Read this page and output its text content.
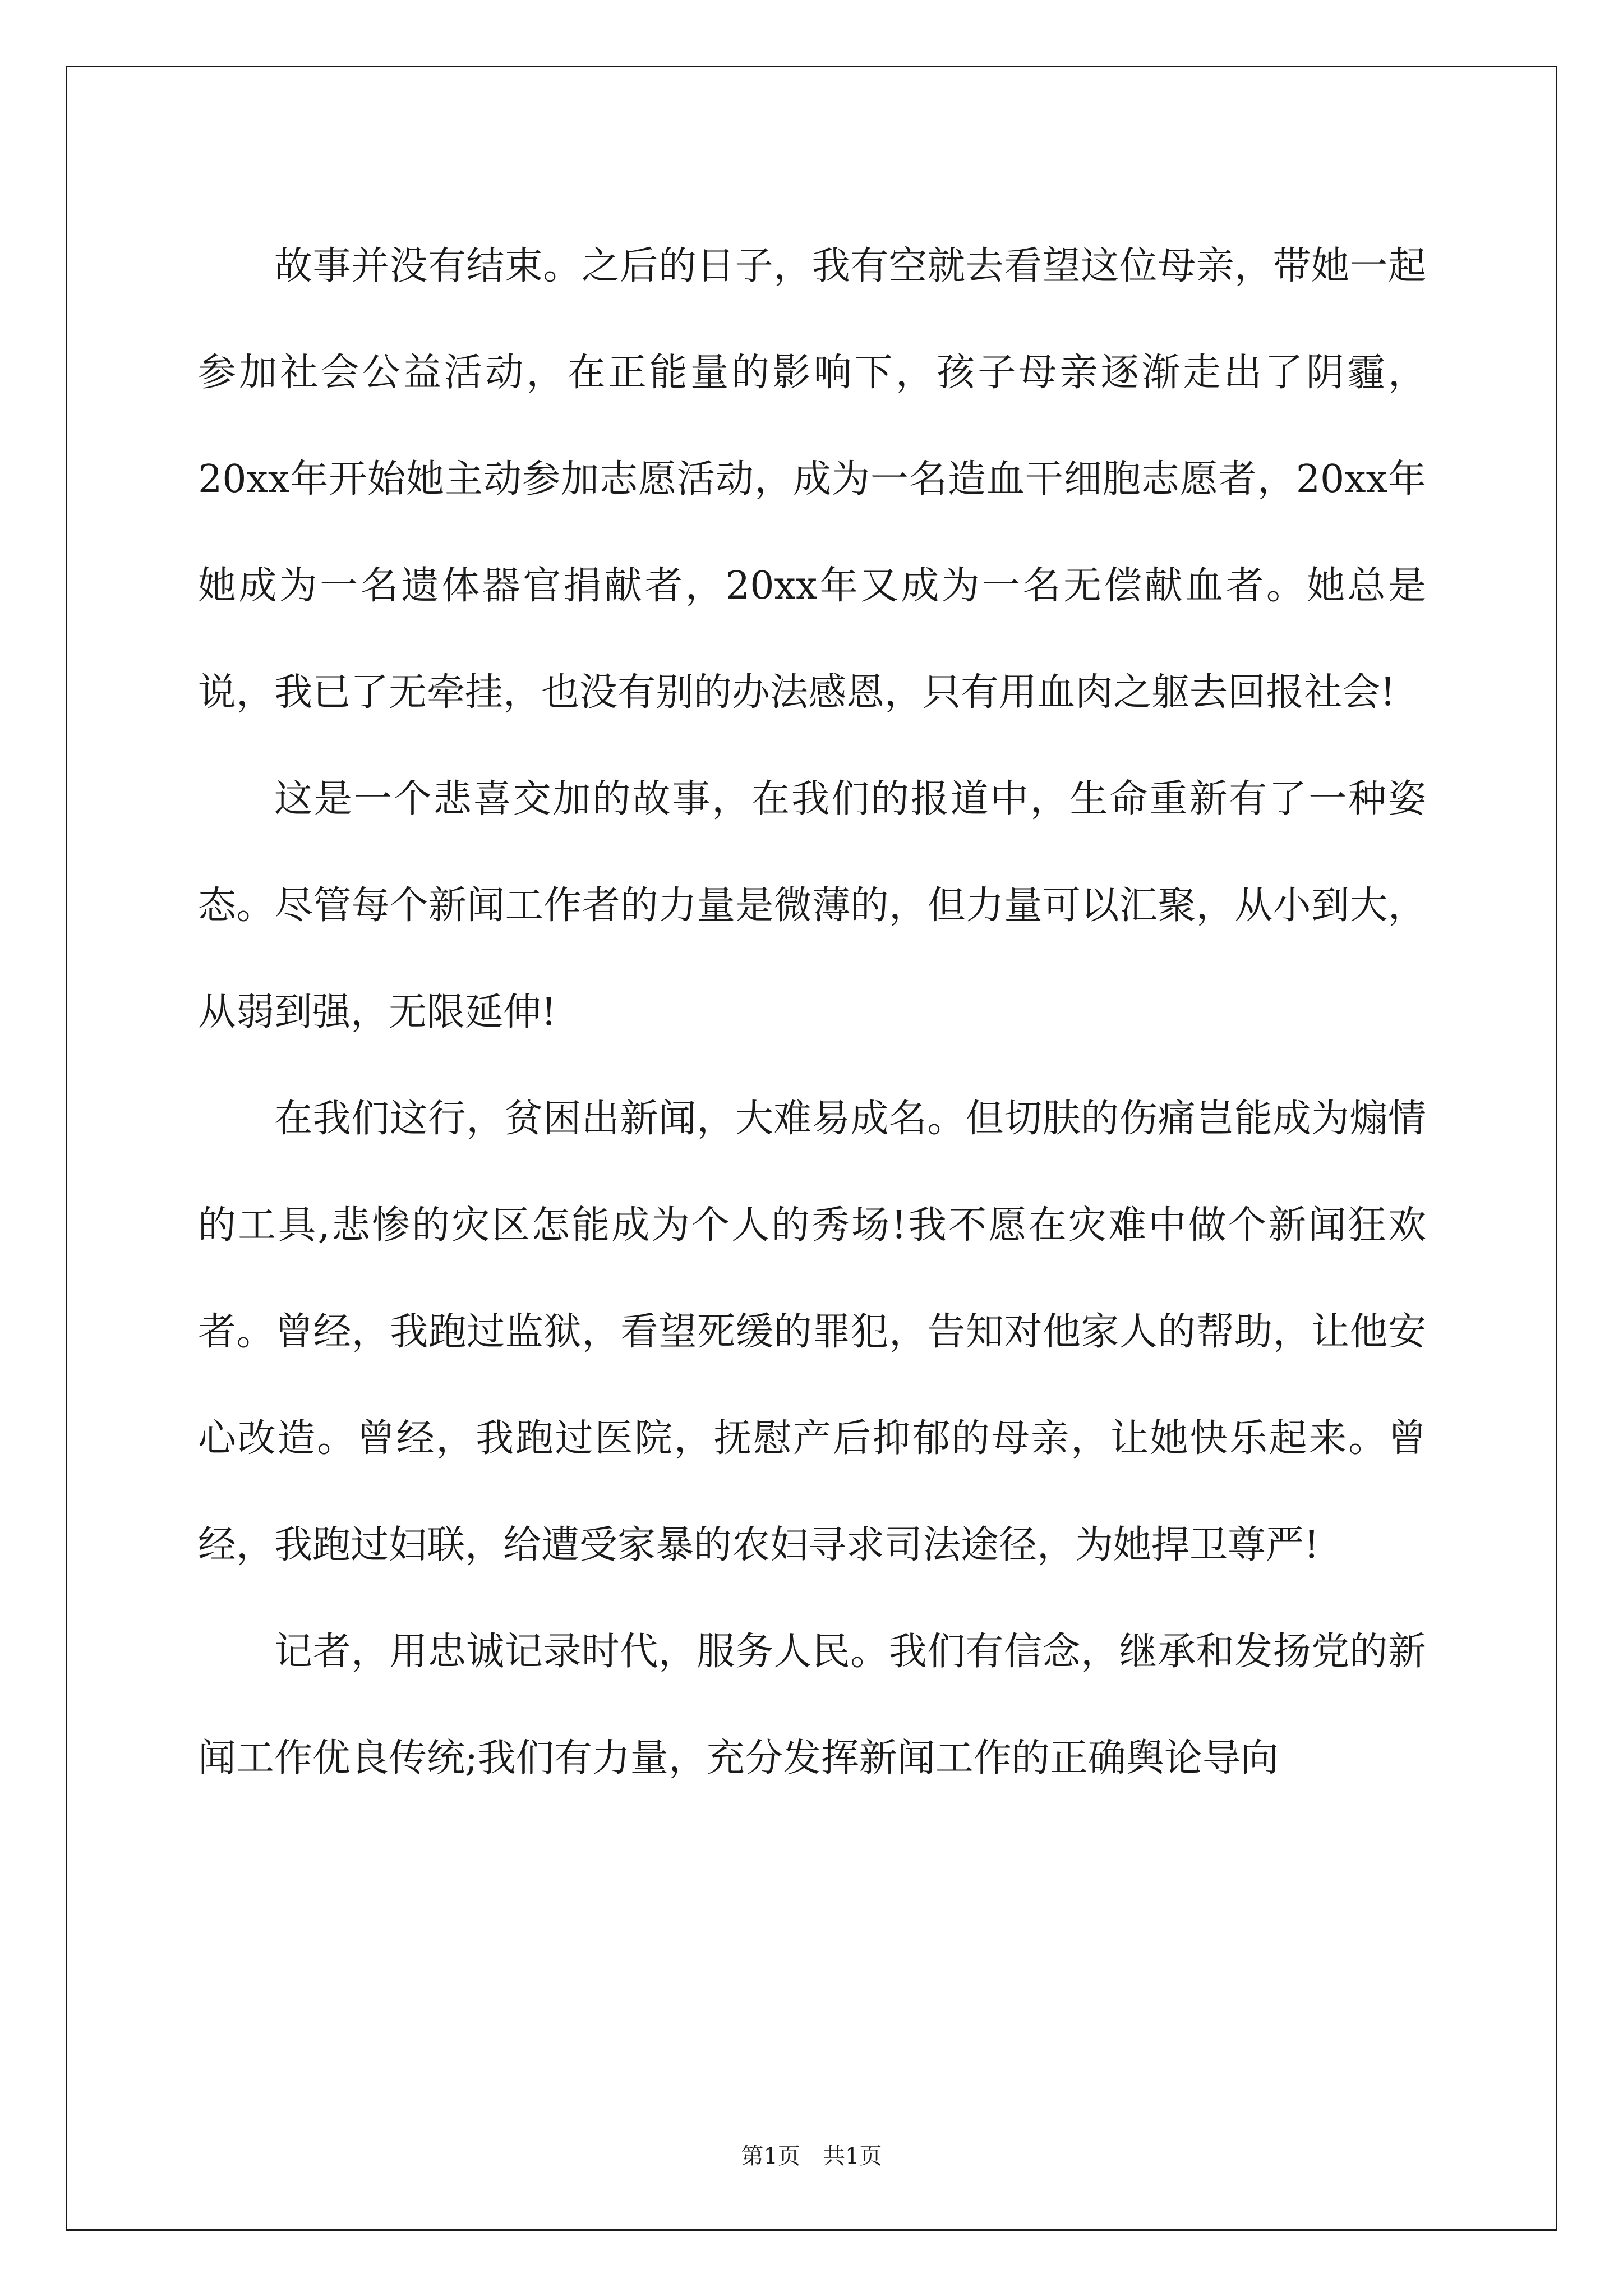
故事并没有结束。之后的日子，我有空就去看望这位母亲，带她一起参加社会公益活动，在正能量的影响下，孩子母亲逐渐走出了阴霾，20xx年开始她主动参加志愿活动，成为一名造血干细胞志愿者，20xx年她成为一名遗体器官捐献者，20xx年又成为一名无偿献血者。她总是说，我已了无牵挂，也没有别的办法感恩，只有用血肉之躯去回报社会!

这是一个悲喜交加的故事，在我们的报道中，生命重新有了一种姿态。尽管每个新闻工作者的力量是微薄的，但力量可以汇聚，从小到大，从弱到强，无限延伸!

在我们这行，贫困出新闻，大难易成名。但切肤的伤痛岂能成为煽情的工具,悲惨的灾区怎能成为个人的秀场!我不愿在灾难中做个新闻狂欢者。曾经，我跑过监狱，看望死缓的罪犯，告知对他家人的帮助，让他安心改造。曾经，我跑过医院，抚慰产后抑郁的母亲，让她快乐起来。曾经，我跑过妇联，给遭受家暴的农妇寻求司法途径，为她捍卫尊严!

记者，用忠诚记录时代，服务人民。我们有信念，继承和发扬党的新闻工作优良传统;我们有力量，充分发挥新闻工作的正确舆论导向

第1页 共1页
